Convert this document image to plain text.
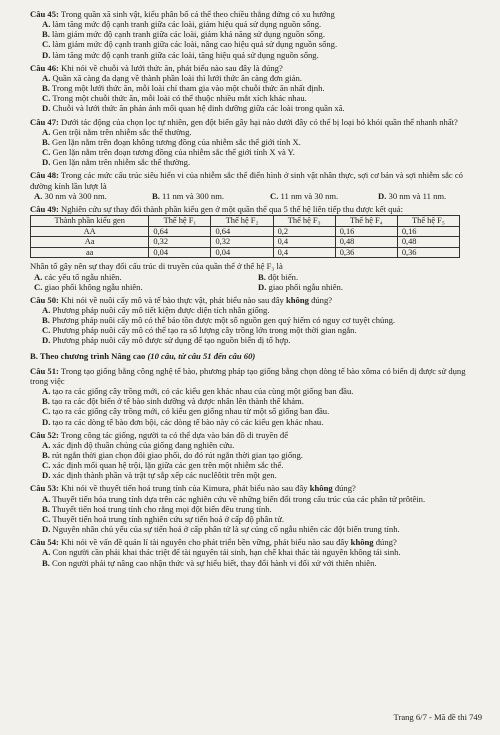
Câu 45: Trong quần xã sinh vật, kiểu phân bố cá thể theo chiều thẳng đứng có xu hướng

A. làm tăng mức độ cạnh tranh giữa các loài, giảm hiệu quả sử dụng nguồn sống.

B. làm giảm mức độ cạnh tranh giữa các loài, giảm khả năng sử dụng nguồn sống.

C. làm giảm mức độ cạnh tranh giữa các loài, nâng cao hiệu quả sử dụng nguồn sống.

D. làm tăng mức độ cạnh tranh giữa các loài, tăng hiệu quả sử dụng nguồn sống.

Câu 46: Khi nói về chuỗi và lưới thức ăn, phát biểu nào sau đây là đúng?

A. Quần xã càng đa dạng về thành phần loài thì lưới thức ăn càng đơn giản.

B. Trong một lưới thức ăn, mỗi loài chỉ tham gia vào một chuỗi thức ăn nhất định.

C. Trong một chuỗi thức ăn, mỗi loài có thể thuộc nhiều mắt xích khác nhau.

D. Chuỗi và lưới thức ăn phản ánh mối quan hệ dinh dưỡng giữa các loài trong quần xã.

Câu 47: Dưới tác động của chọn lọc tự nhiên, gen đột biến gây hại nào dưới đây có thể bị loại bỏ khỏi quần thể nhanh nhất?

A. Gen trội nằm trên nhiễm sắc thể thường.

B. Gen lặn nằm trên đoạn không tương đồng của nhiễm sắc thể giới tính X.

C. Gen lặn nằm trên đoạn tương đồng của nhiễm sắc thể giới tính X và Y.

D. Gen lặn nằm trên nhiễm sắc thể thường.

Câu 48: Trong các mức cấu trúc siêu hiển vi của nhiễm sắc thể điển hình ở sinh vật nhân thực, sợi cơ bản và sợi nhiễm sắc có đường kính lần lượt là

A. 30 nm và 300 nm.	B. 11 nm và 300 nm.	C. 11 nm và 30 nm.	D. 30 nm và 11 nm.

Câu 49: Nghiên cứu sự thay đổi thành phần kiểu gen ở một quần thể qua 5 thế hệ liên tiếp thu được kết quả:

Thành phần kiểu gen	Thế hệ F₁	Thế hệ F₂	Thế hệ F₃	Thế hệ F₄	Thế hệ F₅
AA	0,64	0,64	0,2	0,16	0,16
Aa	0,32	0,32	0,4	0,48	0,48
aa	0,04	0,04	0,4	0,36	0,36

Nhân tố gây nên sự thay đổi cấu trúc di truyền của quần thể ở thế hệ F₃ là

A. các yếu tố ngẫu nhiên.	B. đột biến.

C. giao phối không ngẫu nhiên.	D. giao phối ngẫu nhiên.

Câu 50: Khi nói về nuôi cấy mô và tế bào thực vật, phát biểu nào sau đây không đúng?

A. Phương pháp nuôi cấy mô tiết kiệm được diện tích nhân giống.

B. Phương pháp nuôi cấy mô có thể bảo tồn được một số nguồn gen quý hiếm có nguy cơ tuyệt chủng.

C. Phương pháp nuôi cấy mô có thể tạo ra số lượng cây trồng lớn trong một thời gian ngắn.

D. Phương pháp nuôi cấy mô được sử dụng để tạo nguồn biến dị tổ hợp.

B. Theo chương trình Nâng cao (10 câu, từ câu 51 đến câu 60)

Câu 51: Trong tạo giống bằng công nghệ tế bào, phương pháp tạo giống bằng chọn dòng tế bào xôma có biến dị được sử dụng trong việc

A. tạo ra các giống cây trồng mới, có các kiểu gen khác nhau của cùng một giống ban đầu.

B. tạo ra các đột biến ở tế bào sinh dưỡng và được nhân lên thành thể khảm.

C. tạo ra các giống cây trồng mới, có kiểu gen giống nhau từ một số giống ban đầu.

D. tạo ra các dòng tế bào đơn bội, các dòng tế bào này có các kiểu gen khác nhau.

Câu 52: Trong công tác giống, người ta có thể dựa vào bản đồ di truyền để

A. xác định độ thuần chủng của giống đang nghiên cứu.

B. rút ngắn thời gian chọn đôi giao phối, do đó rút ngắn thời gian tạo giống.

C. xác định mối quan hệ trội, lặn giữa các gen trên một nhiễm sắc thể.

D. xác định thành phần và trật tự sắp xếp các nuclêôtit trên một gen.

Câu 53: Khi nói về thuyết tiến hoá trung tính của Kimura, phát biểu nào sau đây không đúng?

A. Thuyết tiến hóa trung tính dựa trên các nghiên cứu về những biến đổi trong cấu trúc của các phân tử prôtêin.

B. Thuyết tiến hoá trung tính cho rằng mọi đột biến đều trung tính.

C. Thuyết tiến hoá trung tính nghiên cứu sự tiến hoá ở cấp độ phân tử.

D. Nguyên nhân chủ yếu của sự tiến hoá ở cấp phân tử là sự củng cố ngẫu nhiên các đột biến trung tính.

Câu 54: Khi nói về vấn đề quản lí tài nguyên cho phát triển bền vững, phát biểu nào sau đây không đúng?

A. Con người cần phải khai thác triệt để tài nguyên tái sinh, hạn chế khai thác tài nguyên không tái sinh.

B. Con người phải tự nâng cao nhận thức và sự hiểu biết, thay đổi hành vi đối xử với thiên nhiên.

Trang 6/7 - Mã đề thi 749
